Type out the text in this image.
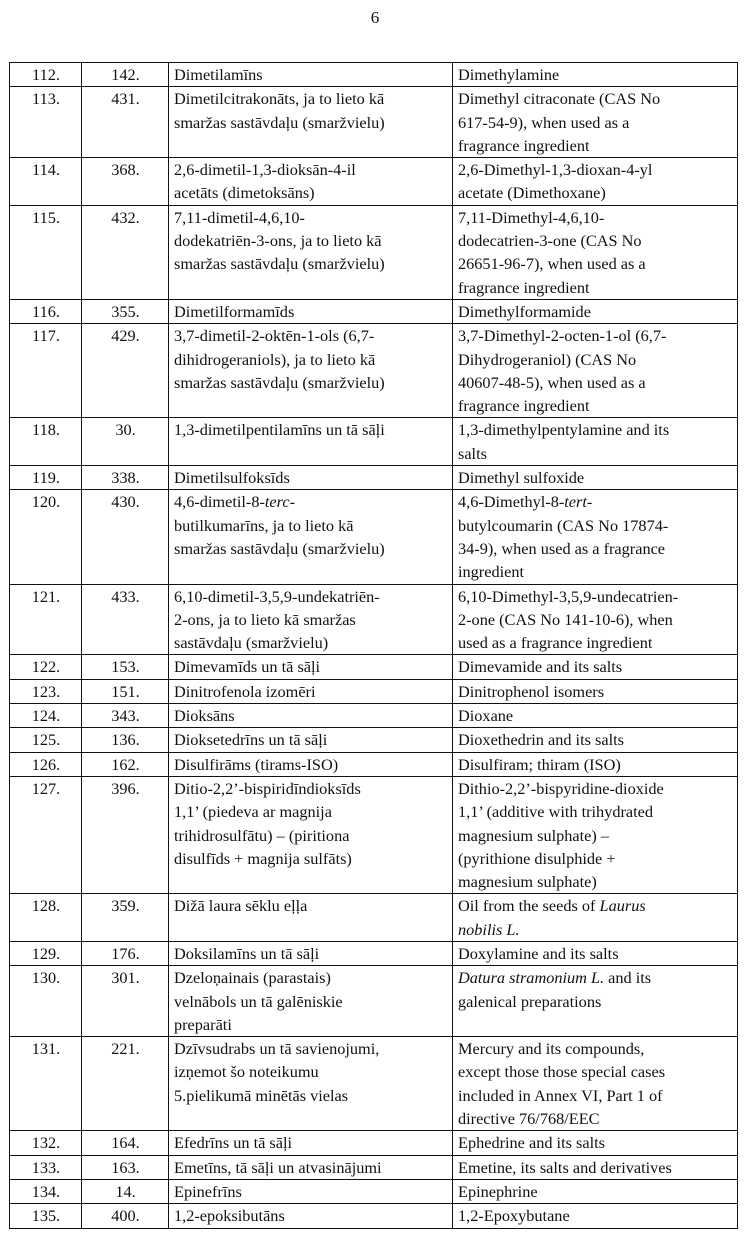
6
112.	142.	Dimetilamīns	Dimethylamine
113.	431.	Dimetilcitrakonāts, ja to lieto kā
smaržas sastāvdaļu (smaržvielu)	Dimethyl citraconate (CAS No
617-54-9), when used as a
fragrance ingredient
114.	368.	2,6-dimetil-1,3-dioksān-4-il
acetāts (dimetoksāns)	2,6-Dimethyl-1,3-dioxan-4-yl
acetate (Dimethoxane)
115.	432.	7,11-dimetil-4,6,10-
dodekatriēn-3-ons, ja to lieto kā
smaržas sastāvdaļu (smaržvielu)	7,11-Dimethyl-4,6,10-
dodecatrien-3-one (CAS No
26651-96-7), when used as a
fragrance ingredient
116.	355.	Dimetilformamīds	Dimethylformamide
117.	429.	3,7-dimetil-2-oktēn-1-ols (6,7-
dihidrogeraniols), ja to lieto kā
smaržas sastāvdaļu (smaržvielu)	3,7-Dimethyl-2-octen-1-ol (6,7-
Dihydrogeraniol) (CAS No
40607-48-5), when used as a
fragrance ingredient
118.	30.	1,3-dimetilpentilamīns un tā sāļi	1,3-dimethylpentylamine and its
salts
119.	338.	Dimetilsulfoksīds	Dimethyl sulfoxide
120.	430.	4,6-dimetil-8-terc-
butilkumarīns, ja to lieto kā
smaržas sastāvdaļu (smaržvielu)	4,6-Dimethyl-8-tert-
butylcoumarin (CAS No 17874-
34-9), when used as a fragrance
ingredient
121.	433.	6,10-dimetil-3,5,9-undekatriēn-
2-ons, ja to lieto kā smaržas
sastāvdaļu (smaržvielu)	6,10-Dimethyl-3,5,9-undecatrien-
2-one (CAS No 141-10-6), when
used as a fragrance ingredient
122.	153.	Dimevamīds un tā sāļi	Dimevamide and its salts
123.	151.	Dinitrofenola izomēri	Dinitrophenol isomers
124.	343.	Dioksāns	Dioxane
125.	136.	Dioksetedrīns un tā sāļi	Dioxethedrin and its salts
126.	162.	Disulfirāms (tirams-ISO)	Disulfiram; thiram (ISO)
127.	396.	Ditio-2,2’-bispiridīndioksīds
1,1’ (piedeva ar magnija
trihidrosulfātu) – (piritiona
disulfīds + magnija sulfāts)	Dithio-2,2’-bispyridine-dioxide
1,1’ (additive with trihydrated
magnesium sulphate) –
(pyrithione disulphide +
magnesium sulphate)
128.	359.	Dižā laura sēklu eļļa	Oil from the seeds of Laurus
nobilis L.
129.	176.	Doksilamīns un tā sāļi	Doxylamine and its salts
130.	301.	Dzeloņainais (parastais)
velnābols un tā galēniskie
preparāti	Datura stramonium L. and its
galenical preparations
131.	221.	Dzīvsudrabs un tā savienojumi,
izņemot šo noteikumu
5.pielikumā minētās vielas	Mercury and its compounds,
except those those special cases
included in Annex VI, Part 1 of
directive 76/768/EEC
132.	164.	Efedrīns un tā sāļi	Ephedrine and its salts
133.	163.	Emetīns, tā sāļi un atvasinājumi	Emetine, its salts and derivatives
134.	14.	Epinefrīns	Epinephrine
135.	400.	1,2-epoksibutāns	1,2-Epoxybutane
